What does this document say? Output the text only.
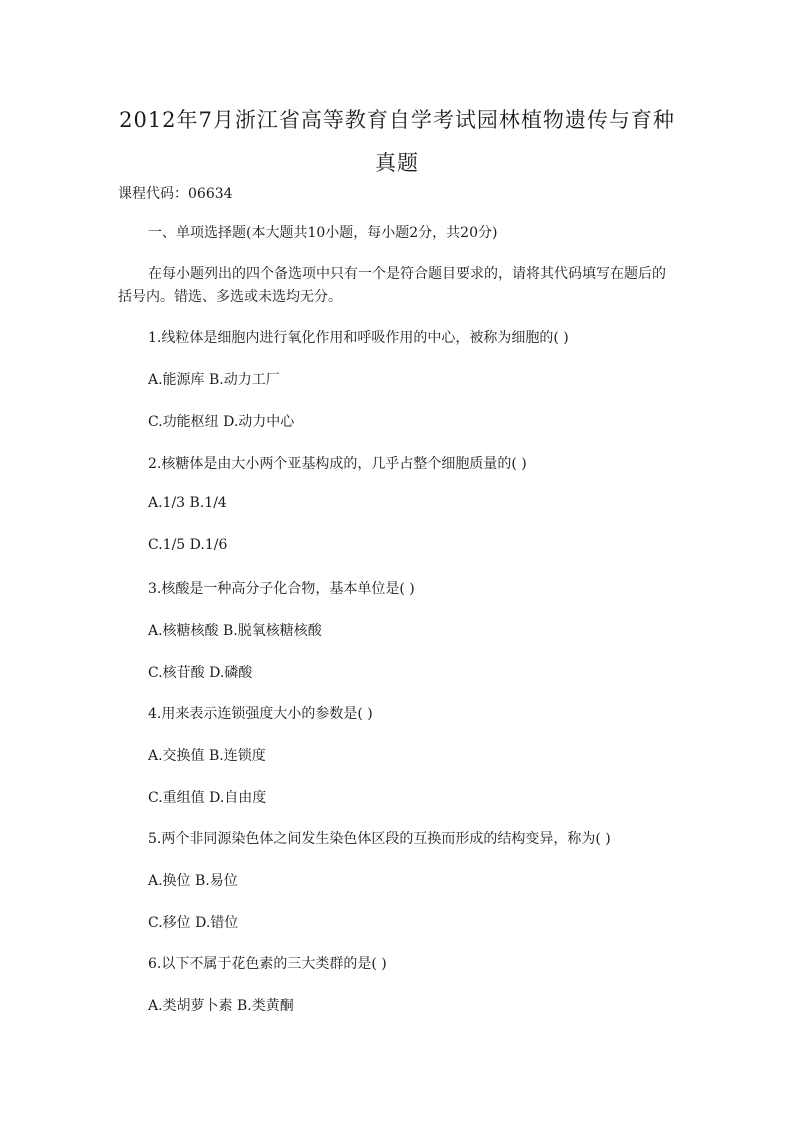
2012年7月浙江省高等教育自学考试园林植物遗传与育种
真题
课程代码：06634
一、单项选择题(本大题共10小题，每小题2分，共20分)
在每小题列出的四个备选项中只有一个是符合题目要求的，请将其代码填写在题后的
括号内。错选、多选或未选均无分。
1.线粒体是细胞内进行氧化作用和呼吸作用的中心，被称为细胞的( )
A.能源库 B.动力工厂
C.功能枢纽 D.动力中心
2.核糖体是由大小两个亚基构成的，几乎占整个细胞质量的( )
A.1/3 B.1/4
C.1/5 D.1/6
3.核酸是一种高分子化合物，基本单位是( )
A.核糖核酸 B.脱氧核糖核酸
C.核苷酸 D.磷酸
4.用来表示连锁强度大小的参数是( )
A.交换值 B.连锁度
C.重组值 D.自由度
5.两个非同源染色体之间发生染色体区段的互换而形成的结构变异，称为( )
A.换位 B.易位
C.移位 D.错位
6.以下不属于花色素的三大类群的是( )
A.类胡萝卜素 B.类黄酮
